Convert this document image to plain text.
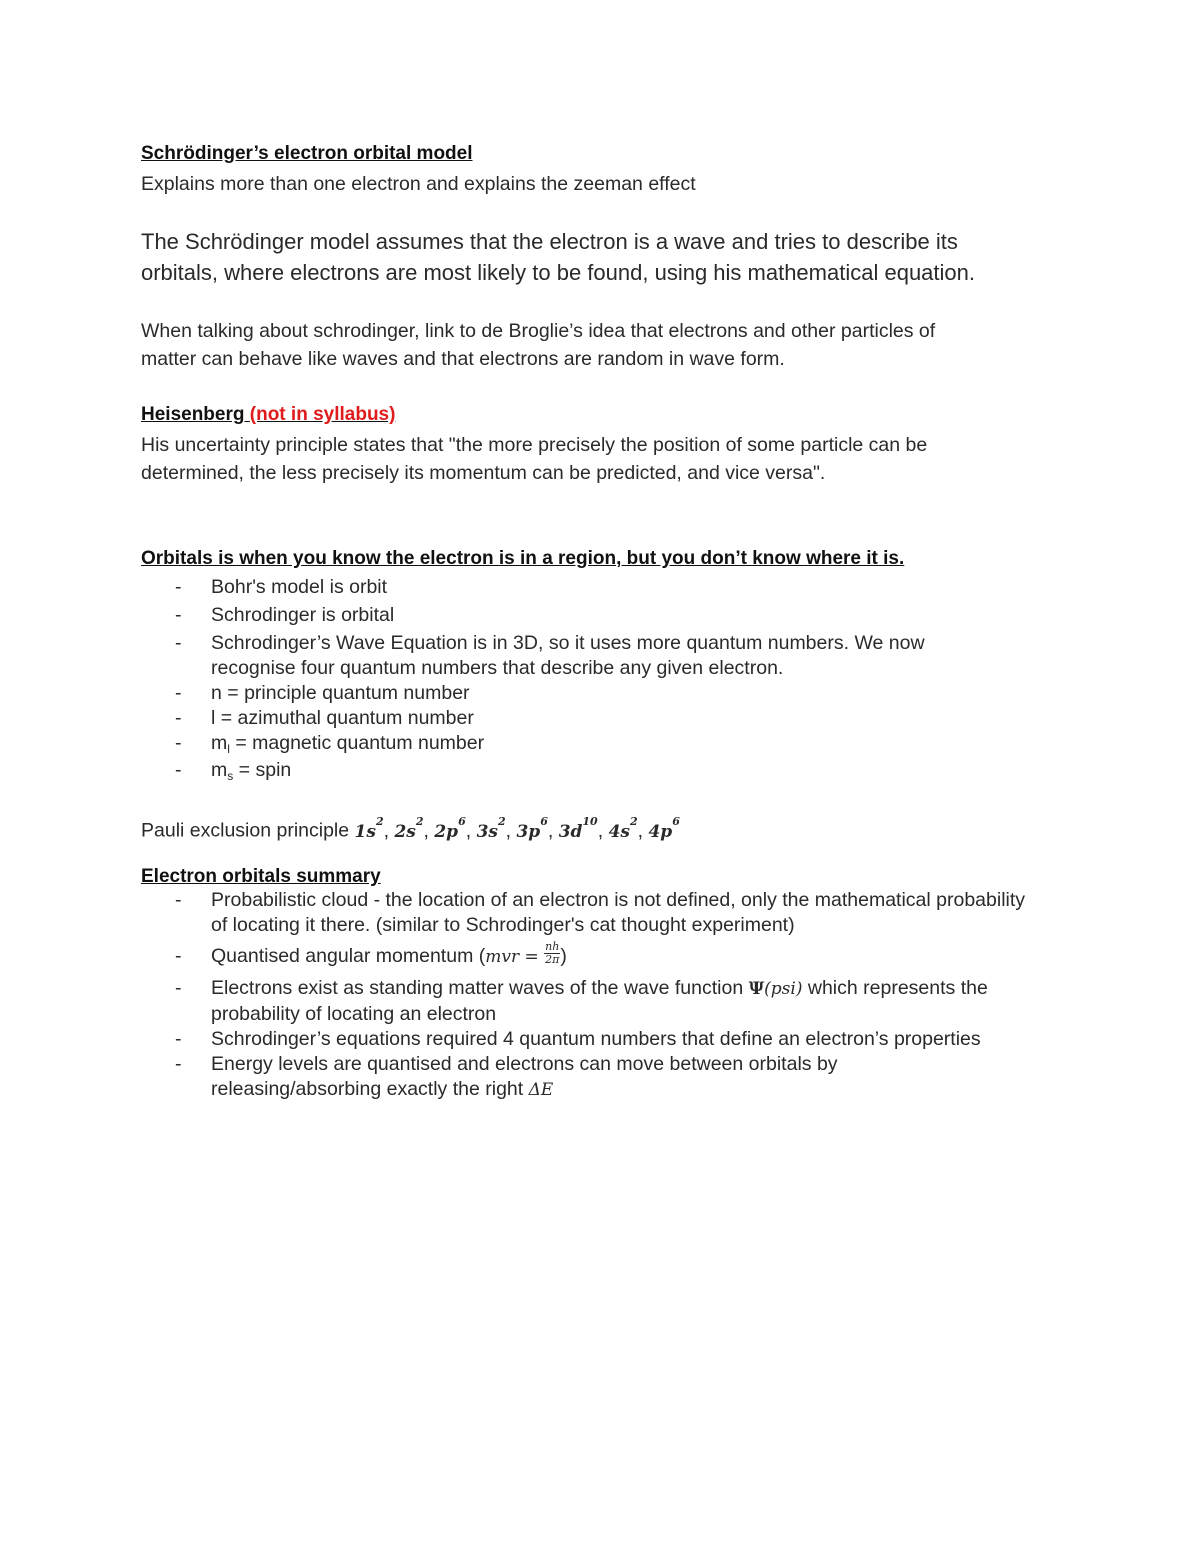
Schrödinger’s electron orbital model
Explains more than one electron and explains the zeeman effect
The Schrödinger model assumes that the electron is a wave and tries to describe its
orbitals, where electrons are most likely to be found, using his mathematical equation.
When talking about schrodinger, link to de Broglie’s idea that electrons and other particles of
matter can behave like waves and that electrons are random in wave form.
Heisenberg (not in syllabus)
His uncertainty principle states that "the more precisely the position of some particle can be
determined, the less precisely its momentum can be predicted, and vice versa".
Orbitals is when you know the electron is in a region, but you don’t know where it is.
- Bohr's model is orbit
- Schrodinger is orbital
- Schrodinger’s Wave Equation is in 3D, so it uses more quantum numbers. We now recognise four quantum numbers that describe any given electron.
- n = principle quantum number
- l = azimuthal quantum number
- $m_l$ = magnetic quantum number
- $m_s$ = spin
Pauli exclusion principle $1s^2$, $2s^2$, $2p^6$, $3s^2$, $3p^6$, $3d^{10}$, $4s^2$, $4p^6$
Electron orbitals summary
- Probabilistic cloud - the location of an electron is not defined, only the mathematical probability of locating it there. (similar to Schrodinger's cat thought experiment)
- Quantised angular momentum ($mvr = \frac{nh}{2\pi}$ )
- Electrons exist as standing matter waves of the wave function Ψ(psi) which represents the probability of locating an electron
- Schrodinger’s equations required 4 quantum numbers that define an electron’s properties
- Energy levels are quantised and electrons can move between orbitals by releasing/absorbing exactly the right ΔE
